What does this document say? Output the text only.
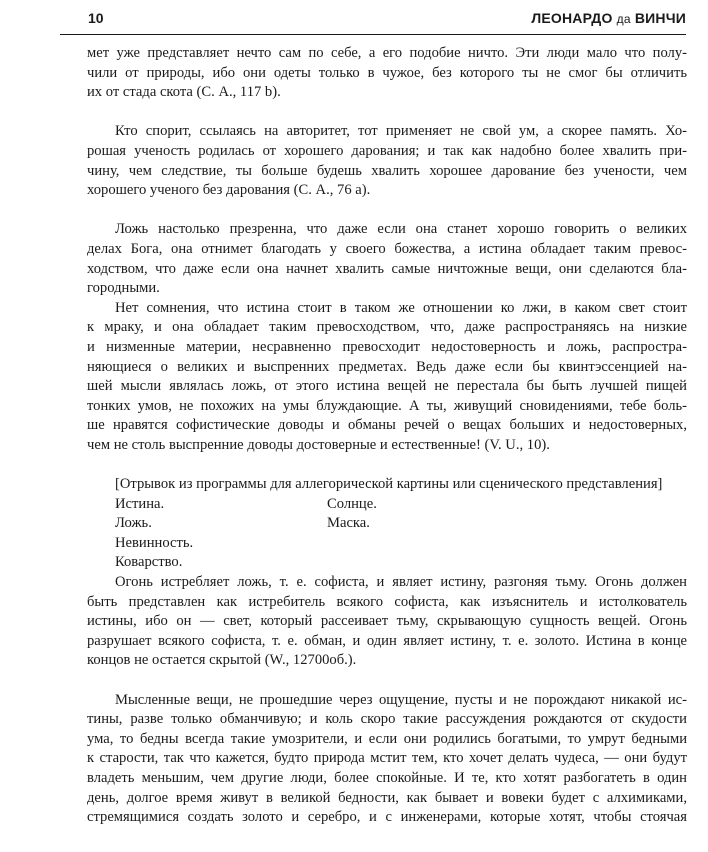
10	ЛЕОНАРДО да ВИНЧИ

мет уже представляет нечто сам по себе, а его подобие ничто. Эти люди мало что полу-

чили от природы, ибо они одеты только в чужое, без которого ты не смог бы отличить

их от стада скота (С. А., 117 b).

Кто спорит, ссылаясь на авторитет, тот применяет не свой ум, а скорее память. Хо-

рошая ученость родилась от хорошего дарования; и так как надобно более хвалить при-

чину, чем следствие, ты больше будешь хвалить хорошее дарование без учености, чем

хорошего ученого без дарования (С. А., 76 а).

Ложь настолько презренна, что даже если она станет хорошо говорить о великих

делах Бога, она отнимет благодать у своего божества, а истина обладает таким превос-

ходством, что даже если она начнет хвалить самые ничтожные вещи, они сделаются бла-

городными.

Нет сомнения, что истина стоит в таком же отношении ко лжи, в каком свет стоит

к мраку, и она обладает таким превосходством, что, даже распространяясь на низкие

и низменные материи, несравненно превосходит недостоверность и ложь, распростра-

няющиеся о великих и выспренних предметах. Ведь даже если бы квинтэссенцией на-

шей мысли являлась ложь, от этого истина вещей не перестала бы быть лучшей пищей

тонких умов, не похожих на умы блуждающие. А ты, живущий сновидениями, тебе боль-

ше нравятся софистические доводы и обманы речей о вещах больших и недостоверных,

чем не столь выспренние доводы достоверные и естественные! (V. U., 10).

[Отрывок из программы для аллегорической картины или сценического представления]

Истина.	Солнце.
Ложь.	Маска.
Невинность.
Коварство.

Огонь истребляет ложь, т. е. софиста, и являет истину, разгоняя тьму. Огонь должен

быть представлен как истребитель всякого софиста, как изъяснитель и истолкователь

истины, ибо он — свет, который рассеивает тьму, скрывающую сущность вещей. Огонь

разрушает всякого софиста, т. е. обман, и один являет истину, т. е. золото. Истина в конце

концов не остается скрытой (W., 12700об.).

Мысленные вещи, не прошедшие через ощущение, пусты и не порождают никакой ис-

тины, разве только обманчивую; и коль скоро такие рассуждения рождаются от скудости

ума, то бедны всегда такие умозрители, и если они родились богатыми, то умрут бедными

к старости, так что кажется, будто природа мстит тем, кто хочет делать чудеса, — они будут

владеть меньшим, чем другие люди, более спокойные. И те, кто хотят разбогатеть в один

день, долгое время живут в великой бедности, как бывает и вовеки будет с алхимиками,

стремящимися создать золото и серебро, и с инженерами, которые хотят, чтобы стоячая
